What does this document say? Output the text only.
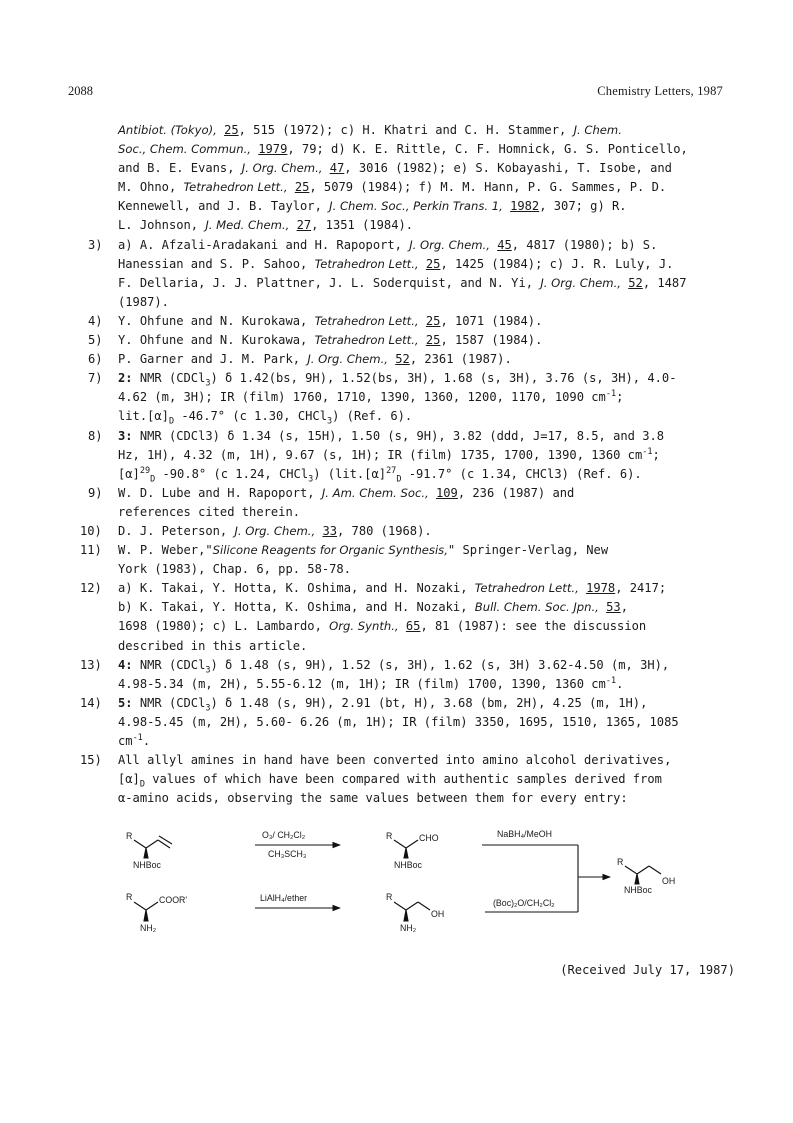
2088	Chemistry Letters, 1987
Antibiot. (Tokyo), 25, 515 (1972); c) H. Khatri and C. H. Stammer, J. Chem.
Soc., Chem. Commun., 1979, 79; d) K. E. Rittle, C. F. Homnick, G. S. Ponticello,
and B. E. Evans, J. Org. Chem., 47, 3016 (1982); e) S. Kobayashi, T. Isobe, and
M. Ohno, Tetrahedron Lett., 25, 5079 (1984); f) M. M. Hann, P. G. Sammes, P. D.
Kennewell, and J. B. Taylor, J. Chem. Soc., Perkin Trans. 1, 1982, 307; g) R.
L. Johnson, J. Med. Chem., 27, 1351 (1984).
3)	a) A. Afzali-Aradakani and H. Rapoport, J. Org. Chem., 45, 4817 (1980); b) S.
Hanessian and S. P. Sahoo, Tetrahedron Lett., 25, 1425 (1984); c) J. R. Luly, J.
F. Dellaria, J. J. Plattner, J. L. Soderquist, and N. Yi, J. Org. Chem., 52, 1487
(1987).
4)	Y. Ohfune and N. Kurokawa, Tetrahedron Lett., 25, 1071 (1984).
5)	Y. Ohfune and N. Kurokawa, Tetrahedron Lett., 25, 1587 (1984).
6)	P. Garner and J. M. Park, J. Org. Chem., 52, 2361 (1987).
7)	2: NMR (CDCl$_3$) δ 1.42(bs, 9H), 1.52(bs, 3H), 1.68 (s, 3H), 3.76 (s, 3H), 4.0-
4.62 (m, 3H); IR (film) 1760, 1710, 1390, 1360, 1200, 1170, 1090 $cm^{-1}$;
$lit.[\alpha]_D$ -46.7° (c 1.30, CHCl$_3$) (Ref. 6).
8)	3: NMR (CDCl3) δ 1.34 (s, 15H), 1.50 (s, 9H), 3.82 (ddd, J=17, 8.5, and 3.8
Hz, 1H), 4.32 (m, 1H), 9.67 (s, 1H); IR (film) 1735, 1700, 1390, 1360 $cm^{-1}$;
$[\alpha]^{29}_D$ -90.8° (c 1.24, CHCl$_3$) ($lit.[\alpha]^{27}_D$ -91.7° (c 1.34, CHCl3) (Ref. 6).
9)	W. D. Lube and H. Rapoport, J. Am. Chem. Soc., 109, 236 (1987) and
references cited therein.
10)	D. J. Peterson, J. Org. Chem., 33, 780 (1968).
11)	W. P. Weber,"Silicone Reagents for Organic Synthesis," Springer-Verlag, New
York (1983), Chap. 6, pp. 58-78.
12)	a) K. Takai, Y. Hotta, K. Oshima, and H. Nozaki, Tetrahedron Lett., 1978, 2417;
b) K. Takai, Y. Hotta, K. Oshima, and H. Nozaki, Bull. Chem. Soc. Jpn., 53,
1698 (1980); c) L. Lambardo, Org. Synth., 65, 81 (1987): see the discussion
described in this article.
13)	4: NMR (CDCl$_3$) δ 1.48 (s, 9H), 1.52 (s, 3H), 1.62 (s, 3H) 3.62-4.50 (m, 3H),
4.98-5.34 (m, 2H), 5.55-6.12 (m, 1H); IR (film) 1700, 1390, 1360 $cm^{-1}$.
14)	5: NMR (CDCl$_3$) δ 1.48 (s, 9H), 2.91 (bt, H), 3.68 (bm, 2H), 4.25 (m, 1H),
4.98-5.45 (m, 2H), 5.60- 6.26 (m, 1H); IR (film) 3350, 1695, 1510, 1365, 1085
$cm^{-1}$.
15)	All allyl amines in hand have been converted into amino alcohol derivatives,
$[\alpha]_D$ values of which have been compared with authentic samples derived from
α-amino acids, observing the same values between them for every entry:
R
NHBoc
O₃/ CH₂Cl₂
CH₃SCH₃
R	CHO
NHBoc
NaBH₄/MeOH
R
OH
NHBoc
R	COOR'
NH₂
LiAlH₄/ether	R
OH
NH₂
(Boc)₂O/CH₂Cl₂
(Received July 17, 1987)
